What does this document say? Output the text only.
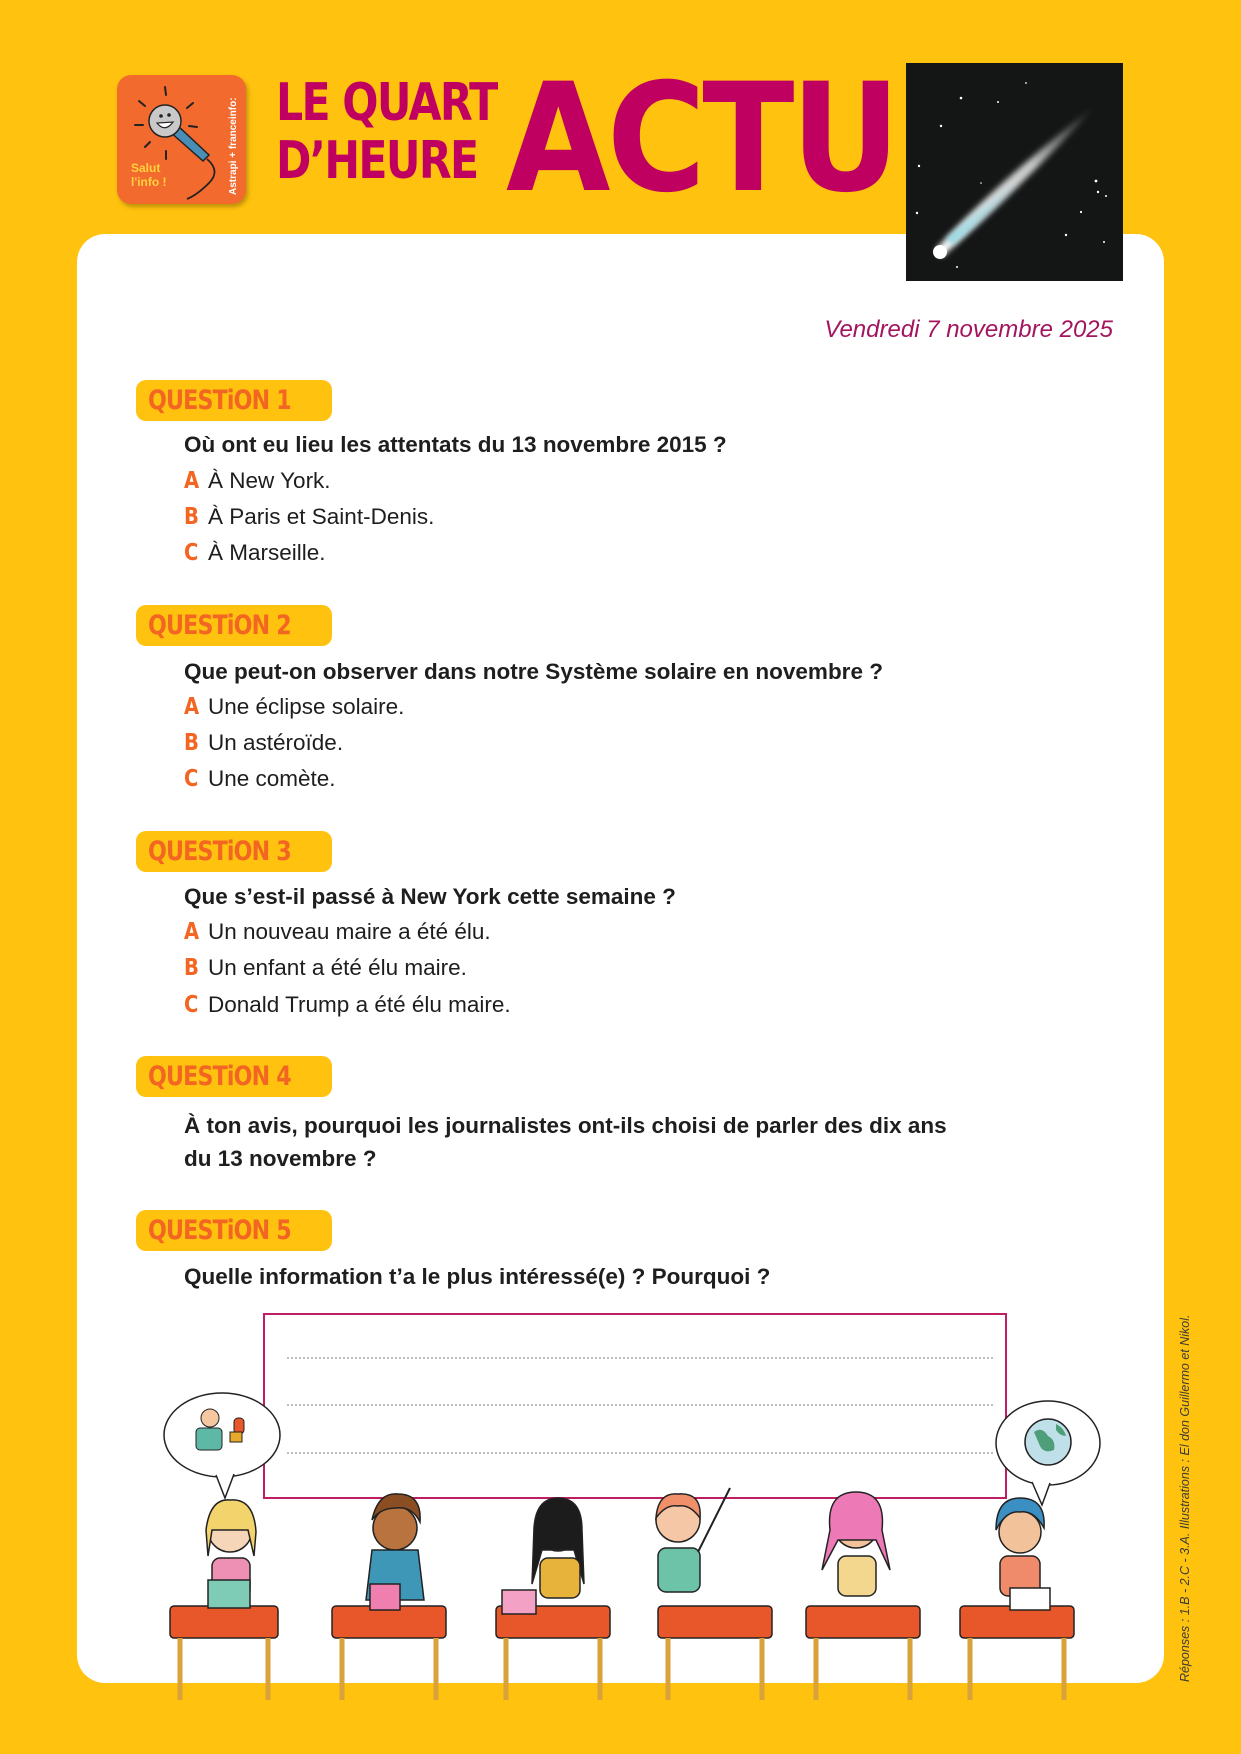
Salut
l'info !	Astrapi + franceinfo: LE QUART
D’HEURE ACTU
Vendredi 7 novembre 2025
QUESTiON 1
Où ont eu lieu les attentats du 13 novembre 2015 ?
A À New York.
B À Paris et Saint-Denis.
C À Marseille.
QUESTiON 2
Que peut-on observer dans notre Système solaire en novembre ?
A Une éclipse solaire.
B Un astéroïde.
C Une comète.
QUESTiON 3
Que s’est-il passé à New York cette semaine ?
A Un nouveau maire a été élu.
B Un enfant a été élu maire.
C Donald Trump a été élu maire.
QUESTiON 4
À ton avis, pourquoi les journalistes ont-ils choisi de parler des dix ans
du 13 novembre ?
QUESTiON 5
Quelle information t’a le plus intéressé(e) ? Pourquoi ?
Réponses : 1.B - 2.C - 3.A. Illustrations : El don Guillermo et Nikol.
